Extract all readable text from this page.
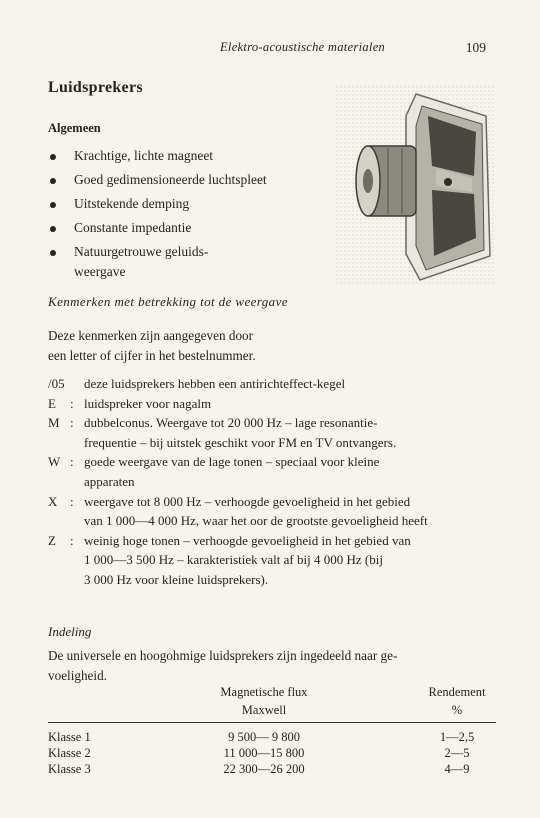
Elektro-acoustische materialen	109
Luidsprekers
Algemeen
Krachtige, lichte magneet
Goed gedimensioneerde luchtspleet
Uitstekende demping
Constante impedantie
Natuurgetrouwe geluids-
weergave
Kenmerken met betrekking tot de weergave
Deze kenmerken zijn aangegeven door
een letter of cijfer in het bestelnummer.
/05	deze luidsprekers hebben een antirichteffect-kegel
E	: luidspreker voor nagalm
M : dubbelconus. Weergave tot 20 000 Hz – lage resonantie-
frequentie – bij uitstek geschikt voor FM en TV ontvangers.
W : goede weergave van de lage tonen – speciaal voor kleine
apparaten
X : weergave tot 8 000 Hz – verhoogde gevoeligheid in het gebied
van 1 000—4 000 Hz, waar het oor de grootste gevoeligheid heeft
Z	: weinig hoge tonen – verhoogde gevoeligheid in het gebied van
1 000—3 500 Hz – karakteristiek valt af bij 4 000 Hz (bij
3 000 Hz voor kleine luidsprekers).
Indeling
De universele en hoogohmige luidsprekers zijn ingedeeld naar ge-
voeligheid.
Magnetische flux
Maxwell
Rendement
%
Klasse 1	9 500— 9 800	1—2,5
Klasse 2	11 000—15 800	2—5
Klasse 3	22 300—26 200	4—9
